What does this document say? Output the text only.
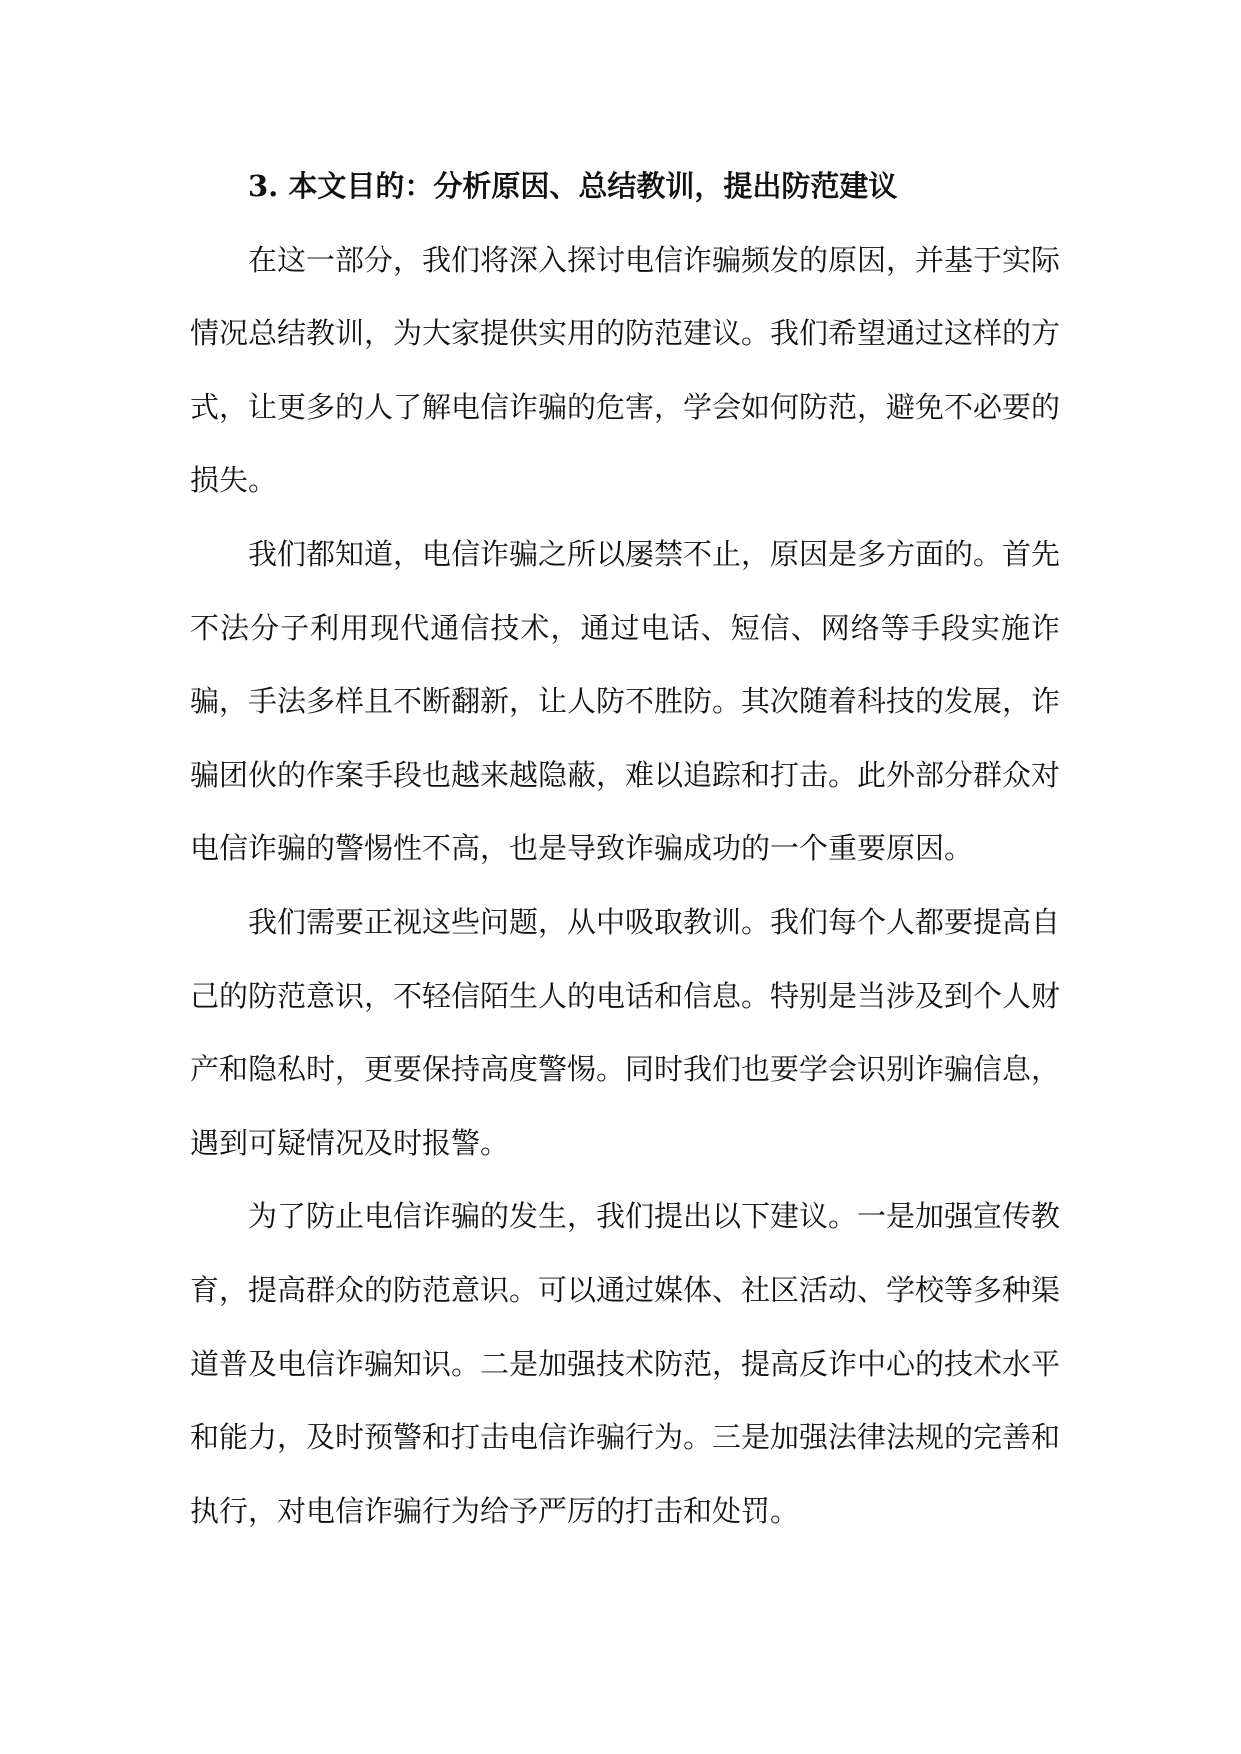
3. 本文目的：分析原因、总结教训，提出防范建议

在这一部分，我们将深入探讨电信诈骗频发的原因，并基于实际情况总结教训，为大家提供实用的防范建议。我们希望通过这样的方式，让更多的人了解电信诈骗的危害，学会如何防范，避免不必要的损失。

我们都知道，电信诈骗之所以屡禁不止，原因是多方面的。首先不法分子利用现代通信技术，通过电话、短信、网络等手段实施诈骗，手法多样且不断翻新，让人防不胜防。其次随着科技的发展，诈骗团伙的作案手段也越来越隐蔽，难以追踪和打击。此外部分群众对电信诈骗的警惕性不高，也是导致诈骗成功的一个重要原因。

我们需要正视这些问题，从中吸取教训。我们每个人都要提高自己的防范意识，不轻信陌生人的电话和信息。特别是当涉及到个人财产和隐私时，更要保持高度警惕。同时我们也要学会识别诈骗信息，遇到可疑情况及时报警。

为了防止电信诈骗的发生，我们提出以下建议。一是加强宣传教育，提高群众的防范意识。可以通过媒体、社区活动、学校等多种渠道普及电信诈骗知识。二是加强技术防范，提高反诈中心的技术水平和能力，及时预警和打击电信诈骗行为。三是加强法律法规的完善和执行，对电信诈骗行为给予严厉的打击和处罚。
